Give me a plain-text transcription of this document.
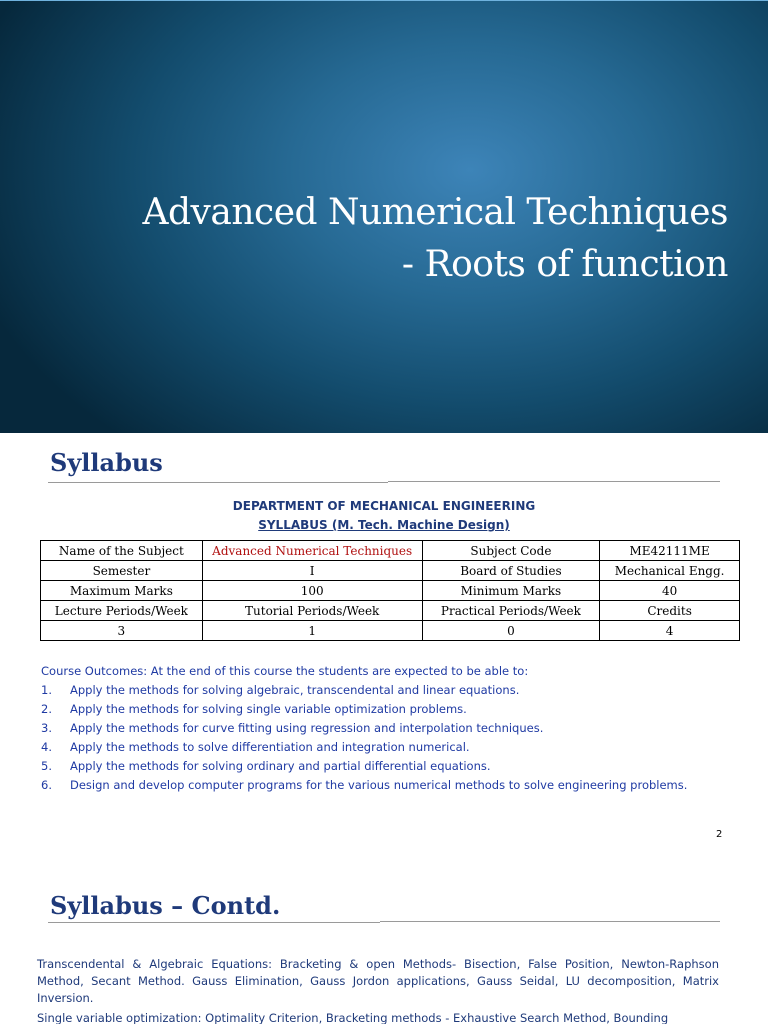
Advanced Numerical Techniques
- Roots of function
Syllabus
DEPARTMENT OF MECHANICAL ENGINEERING
SYLLABUS (M. Tech. Machine Design)
Name of the Subject	Advanced Numerical Techniques	Subject Code	ME42111ME
Semester	I	Board of Studies	Mechanical Engg.
Maximum Marks	100	Minimum Marks	40
Lecture Periods/Week	Tutorial Periods/Week	Practical Periods/Week	Credits
3	1	0	4
Course Outcomes: At the end of this course the students are expected to be able to:
1.	Apply the methods for solving algebraic, transcendental and linear equations.
2.	Apply the methods for solving single variable optimization problems.
3.	Apply the methods for curve fitting using regression and interpolation techniques.
4.	Apply the methods to solve differentiation and integration numerical.
5.	Apply the methods for solving ordinary and partial differential equations.
6.	Design and develop computer programs for the various numerical methods to solve engineering problems.
2
Syllabus – Contd.
Transcendental & Algebraic Equations: Bracketing & open Methods- Bisection, False Position, Newton-Raphson Method, Secant Method. Gauss Elimination, Gauss Jordon applications, Gauss Seidal, LU decomposition, Matrix Inversion.
Single variable optimization: Optimality Criterion, Bracketing methods - Exhaustive Search Method, Bounding
